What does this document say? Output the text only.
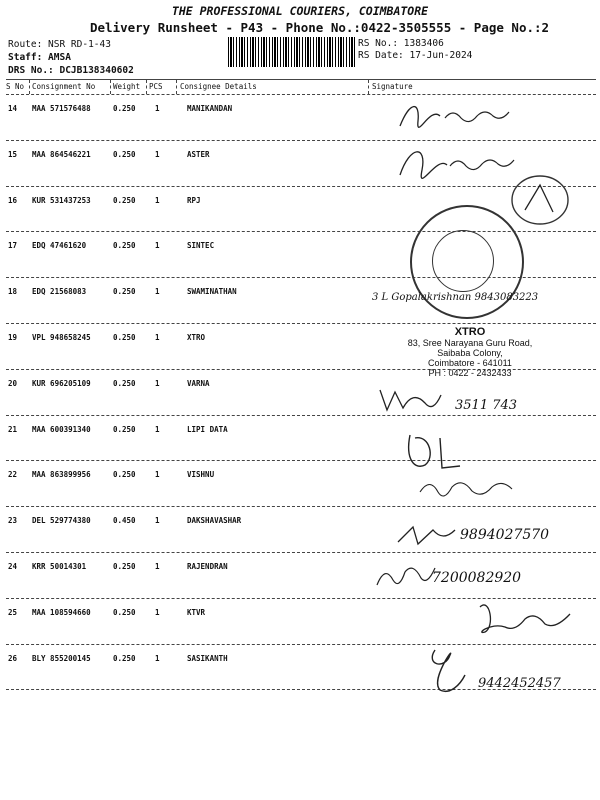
THE PROFESSIONAL COURIERS, COIMBATORE
Delivery Runsheet - P43 - Phone No.:0422-3505555 - Page No.:2
Route: NSR RD-1-43
Staff: AMSA
DRS No.: DCJB138340602
RS No.: 1383406
RS Date: 17-Jun-2024
S No Consignment No Weight PCS Consignee Details	Signature
14 MAA 571576488	0.250	1	MANIKANDAN
15 MAA 864546221	0.250	1	ASTER
16 KUR 531437253	0.250	1	RPJ
17 EDQ 47461620	0.250	1	SINTEC
18 EDQ 21568083	0.250	1	SWAMINATHAN
19 VPL 948658245	0.250	1	XTRO
20 KUR 696205109	0.250	1	VARNA
21 MAA 600391340	0.250	1	LIPI DATA
22 MAA 863899956	0.250	1	VISHNU
23 DEL 529774380	0.450	1	DAKSHAVASHAR
24 KRR 50014301	0.250	1	RAJENDRAN
25 MAA 108594660	0.250	1	KTVR
26 BLY 855200145	0.250	1	SASIKANTH
3 L Gopalakrishnan 9843083223
XTRO
83, Sree Narayana Guru Road,
Saibaba Colony,
Coimbatore - 641011
PH : 0422 - 2432433
3511 743
9894027570
7200082920
9442452457
